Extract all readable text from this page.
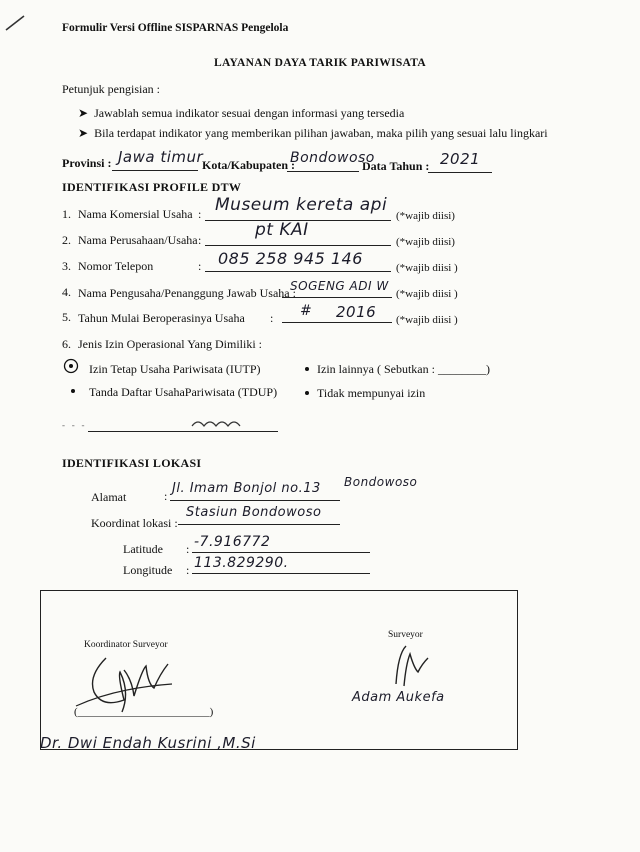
Formulir Versi Offline SISPARNAS Pengelola
LAYANAN DAYA TARIK PARIWISATA
Petunjuk pengisian :
➤ Jawablah semua indikator sesuai dengan informasi yang tersedia
➤ Bila terdapat indikator yang memberikan pilihan jawaban, maka pilih yang sesuai lalu lingkari
Provinsi : Jawa timur
Kota/Kabupaten :
Bondowoso
Data Tahun : 2021
IDENTIFIKASI PROFILE DTW
1. Nama Komersial Usaha : Museum kereta api
(*wajib diisi)
2. Nama Perusahaan/Usaha :	pt KAI
(*wajib diisi)
3. Nomor Telepon	: 085 258 945 146	(*wajib diisi )
4. Nama Pengusaha/Penanggung Jawab Usaha :
SOGENG ADI W
(*wajib diisi )
5. Tahun Mulai Beroperasinya Usaha : # 2016 (*wajib diisi )
6. Jenis Izin Operasional Yang Dimiliki :
Izin Tetap Usaha Pariwisata (IUTP)	Izin lainnya ( Sebutkan : ________)
Tanda Daftar UsahaPariwisata (TDUP)	Tidak mempunyai izin
-   -   -
IDENTIFIKASI LOKASI
Alamat	: Jl. Imam Bonjol no.13 Bondowoso
Koordinat lokasi :
Stasiun Bondowoso
Latitude : -7.916772
Longitude : 113.829290.
Koordinator Surveyor
(________________________)
Dr. Dwi Endah Kusrini ,M.Si
Surveyor
Adam Aukefa
